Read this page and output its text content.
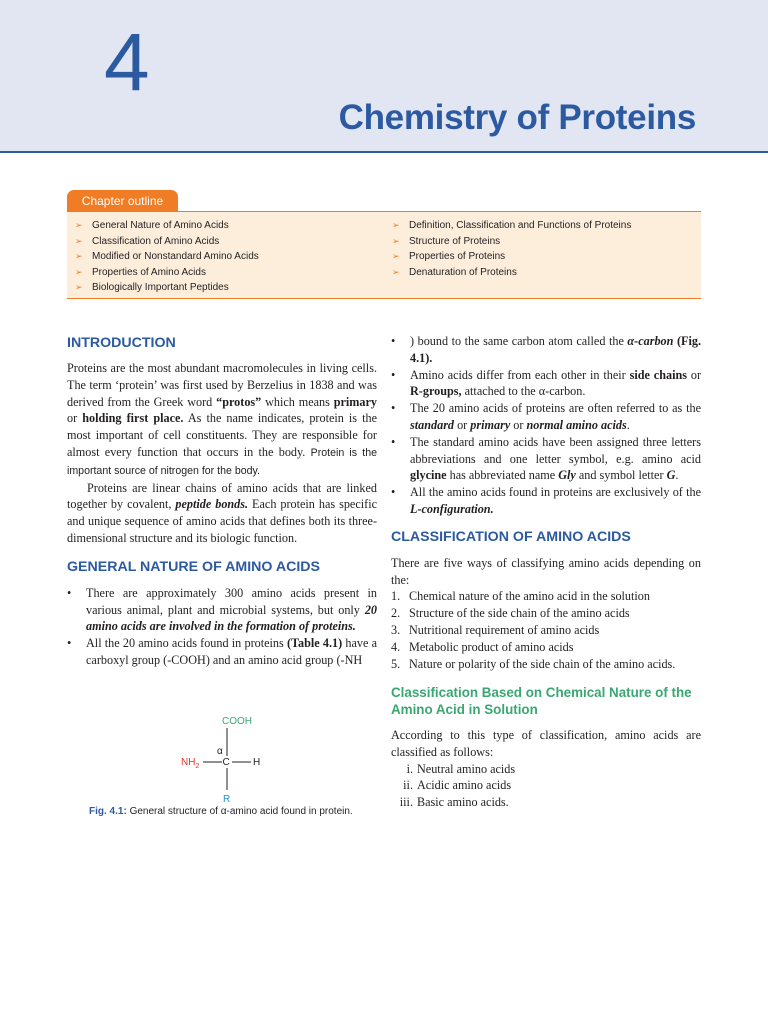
4
Chemistry of Proteins
Chapter outline
➢ General Nature of Amino Acids
➢ Classification of Amino Acids
➢ Modified or Nonstandard Amino Acids
➢ Properties of Amino Acids
➢ Biologically Important Peptides
➢ Definition, Classification and Functions of Proteins
➢ Structure of Proteins
➢ Properties of Proteins
➢ Denaturation of Proteins
INTRODUCTION

Proteins are the most abundant macromolecules in living cells. The term ‘protein’ was first used by Berzelius in 1838 and was derived from the Greek word “protos” which means primary or holding first place. As the name indicates, protein is the most important of cell constituents. They are responsible for almost every function that occurs in the body. Protein is the important source of nitrogen for the body.

Proteins are linear chains of amino acids that are linked together by covalent, peptide bonds. Each protein has specific and unique sequence of amino acids that defines both its three-dimensional structure and its biologic function.

GENERAL NATURE OF AMINO ACIDS
• There are approximately 300 amino acids present in various animal, plant and microbial systems, but only 20 amino acids are involved in the formation of proteins.
• All the 20 amino acids found in proteins (Table 4.1) have a carboxyl group (-COOH) and an amino acid group (-NH
COOH
α
$NH_2$ C H
R
Fig. 4.1: General structure of α-amino acid found in protein.
• ) bound to the same carbon atom called the α-carbon (Fig. 4.1).
• Amino acids differ from each other in their side chains or R-groups, attached to the α-carbon.
• The 20 amino acids of proteins are often referred to as the standard or primary or normal amino acids.
• The standard amino acids have been assigned three letters abbreviations and one letter symbol, e.g. amino acid glycine has abbreviated name Gly and symbol letter G.
• All the amino acids found in proteins are exclusively of the L-configuration.
CLASSIFICATION OF AMINO ACIDS

There are five ways of classifying amino acids depending on the:

1. Chemical nature of the amino acid in the solution
2. Structure of the side chain of the amino acids
3. Nutritional requirement of amino acids
4. Metabolic product of amino acids
5. Nature or polarity of the side chain of the amino acids.
Classification Based on Chemical Nature of the Amino Acid in Solution

According to this type of classification, amino acids are classified as follows:

i. Neutral amino acids
ii. Acidic amino acids
iii. Basic amino acids.
